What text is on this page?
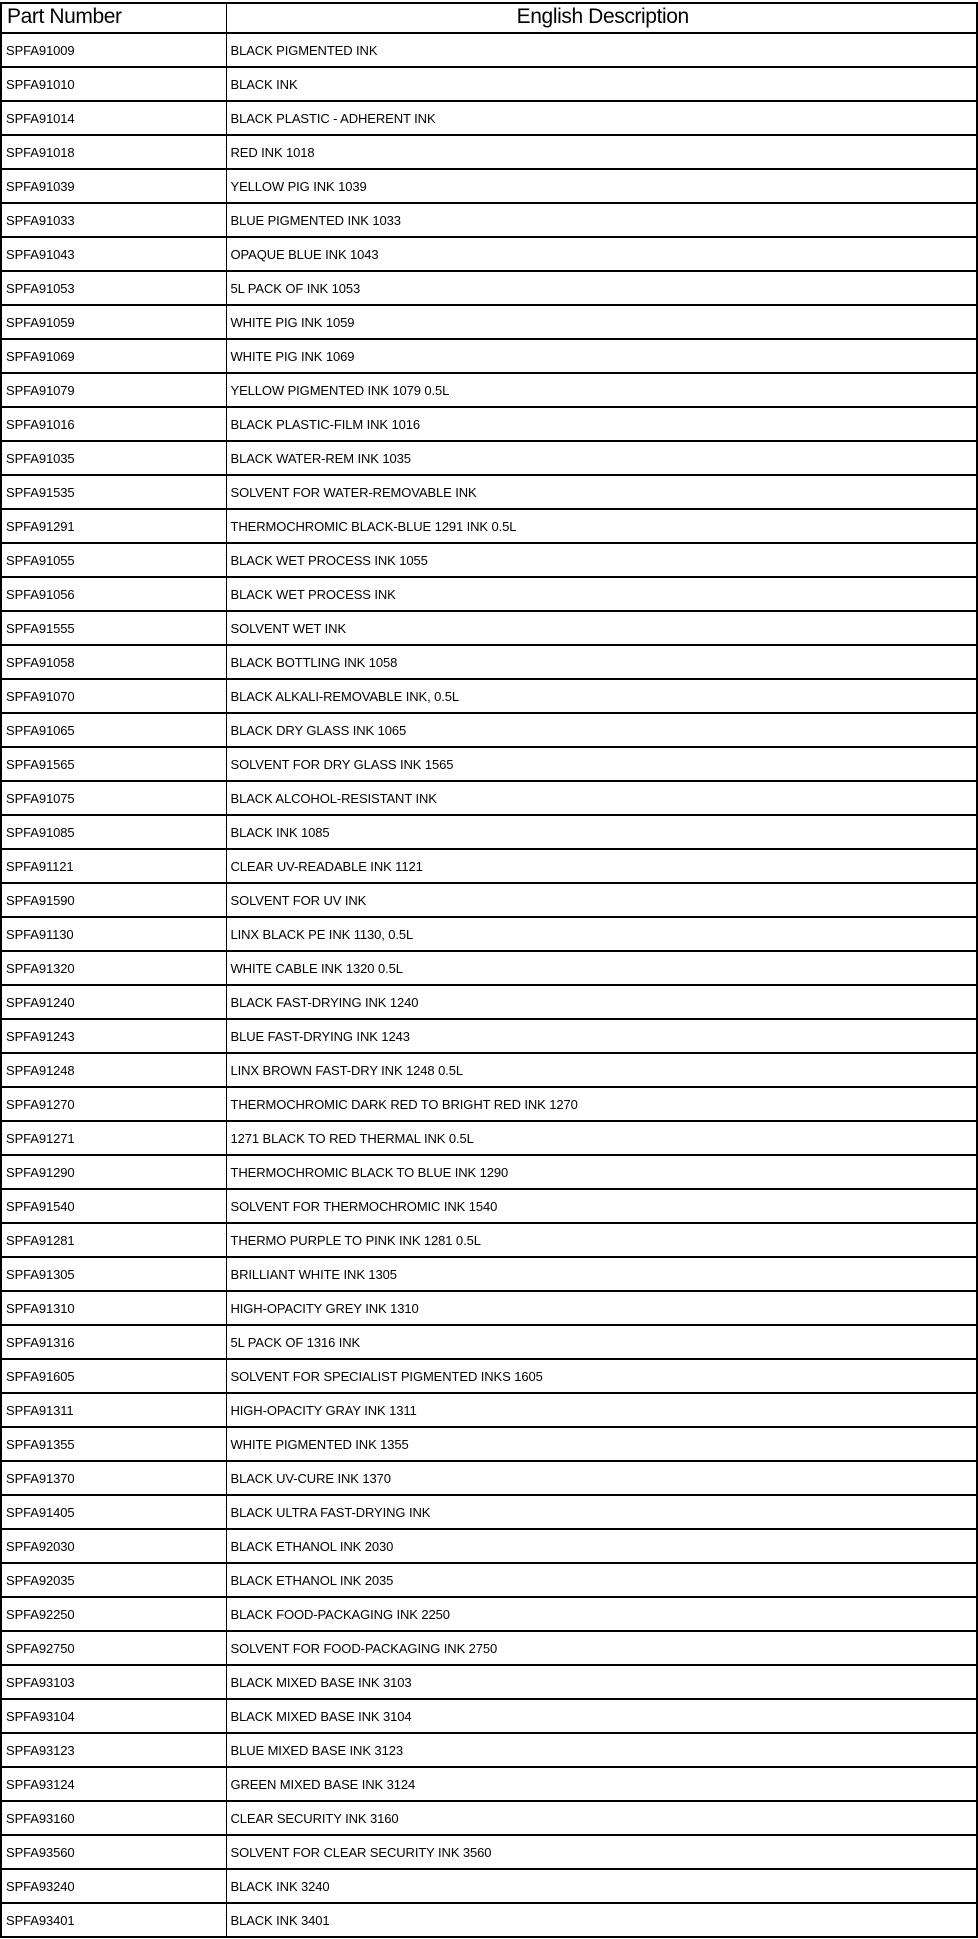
Part Number	English Description
SPFA91009	BLACK PIGMENTED INK
SPFA91010	BLACK INK
SPFA91014	BLACK PLASTIC - ADHERENT INK
SPFA91018	RED INK 1018
SPFA91039	YELLOW PIG INK 1039
SPFA91033	BLUE PIGMENTED INK 1033
SPFA91043	OPAQUE BLUE INK 1043
SPFA91053	5L PACK OF INK 1053
SPFA91059	WHITE PIG INK 1059
SPFA91069	WHITE PIG INK 1069
SPFA91079	YELLOW PIGMENTED INK 1079 0.5L
SPFA91016	BLACK PLASTIC-FILM INK 1016
SPFA91035	BLACK WATER-REM INK 1035
SPFA91535	SOLVENT FOR WATER-REMOVABLE INK
SPFA91291	THERMOCHROMIC BLACK-BLUE 1291 INK 0.5L
SPFA91055	BLACK WET PROCESS INK 1055
SPFA91056	BLACK WET PROCESS INK
SPFA91555	SOLVENT WET INK
SPFA91058	BLACK BOTTLING INK 1058
SPFA91070	BLACK ALKALI-REMOVABLE INK, 0.5L
SPFA91065	BLACK DRY GLASS INK 1065
SPFA91565	SOLVENT FOR DRY GLASS INK 1565
SPFA91075	BLACK ALCOHOL-RESISTANT INK
SPFA91085	BLACK INK 1085
SPFA91121	CLEAR UV-READABLE INK 1121
SPFA91590	SOLVENT FOR UV INK
SPFA91130	LINX BLACK PE INK 1130, 0.5L
SPFA91320	WHITE CABLE INK 1320 0.5L
SPFA91240	BLACK FAST-DRYING INK 1240
SPFA91243	BLUE FAST-DRYING INK 1243
SPFA91248	LINX BROWN FAST-DRY INK 1248 0.5L
SPFA91270	THERMOCHROMIC DARK RED TO BRIGHT RED INK 1270
SPFA91271	1271 BLACK TO RED THERMAL INK 0.5L
SPFA91290	THERMOCHROMIC BLACK TO BLUE INK 1290
SPFA91540	SOLVENT FOR THERMOCHROMIC INK 1540
SPFA91281	THERMO PURPLE TO PINK INK 1281 0.5L
SPFA91305	BRILLIANT WHITE INK 1305
SPFA91310	HIGH-OPACITY GREY INK 1310
SPFA91316	5L PACK OF 1316 INK
SPFA91605	SOLVENT FOR SPECIALIST PIGMENTED INKS 1605
SPFA91311	HIGH-OPACITY GRAY INK 1311
SPFA91355	WHITE PIGMENTED INK 1355
SPFA91370	BLACK UV-CURE INK 1370
SPFA91405	BLACK ULTRA FAST-DRYING INK
SPFA92030	BLACK ETHANOL INK 2030
SPFA92035	BLACK ETHANOL INK 2035
SPFA92250	BLACK FOOD-PACKAGING INK 2250
SPFA92750	SOLVENT FOR FOOD-PACKAGING INK 2750
SPFA93103	BLACK MIXED BASE INK 3103
SPFA93104	BLACK MIXED BASE INK 3104
SPFA93123	BLUE MIXED BASE INK 3123
SPFA93124	GREEN MIXED BASE INK 3124
SPFA93160	CLEAR SECURITY INK 3160
SPFA93560	SOLVENT FOR CLEAR SECURITY INK 3560
SPFA93240	BLACK INK 3240
SPFA93401	BLACK INK 3401
